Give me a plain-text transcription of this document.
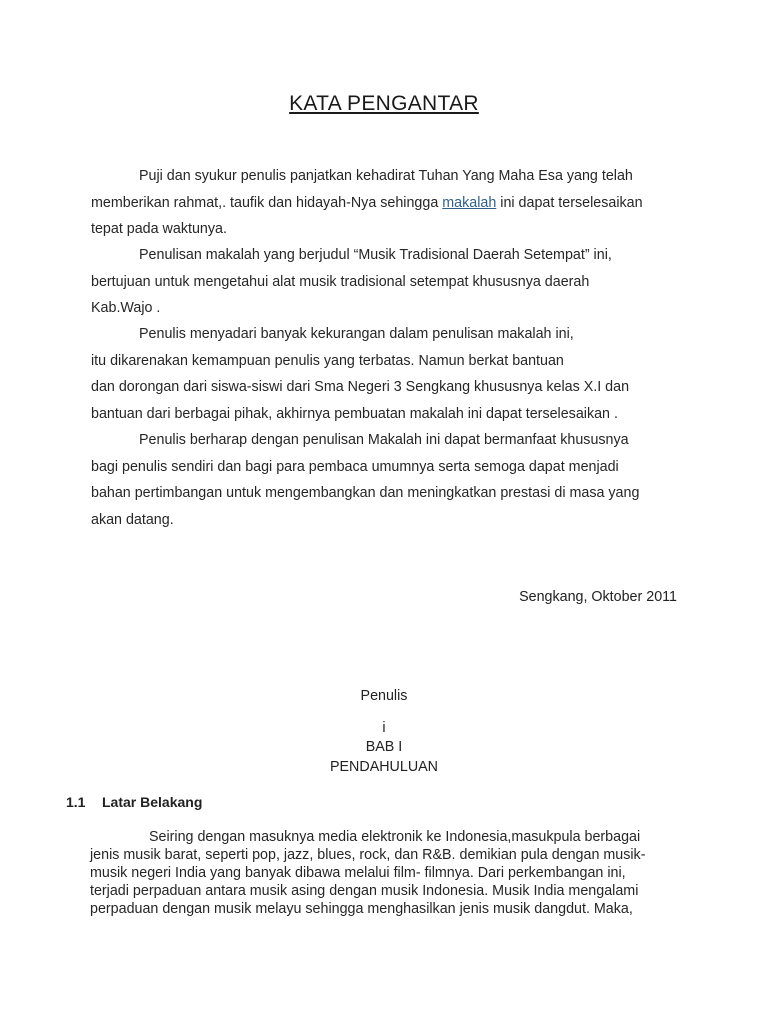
KATA PENGANTAR
Puji dan syukur penulis panjatkan kehadirat Tuhan Yang Maha Esa yang telah
memberikan rahmat,. taufik dan hidayah-Nya sehingga makalah ini dapat terselesaikan
tepat pada waktunya.
Penulisan makalah yang berjudul “Musik Tradisional Daerah Setempat” ini,
bertujuan untuk mengetahui alat musik tradisional setempat khususnya daerah
Kab.Wajo .
Penulis menyadari banyak kekurangan dalam penulisan makalah ini,
itu dikarenakan kemampuan penulis yang terbatas. Namun berkat bantuan
dan dorongan dari siswa-siswi dari Sma Negeri 3 Sengkang khususnya kelas X.I dan
bantuan dari berbagai pihak, akhirnya pembuatan makalah ini dapat terselesaikan .
Penulis berharap dengan penulisan Makalah ini dapat bermanfaat khususnya
bagi penulis sendiri dan bagi para pembaca umumnya serta semoga dapat menjadi
bahan pertimbangan untuk mengembangkan dan meningkatkan prestasi di masa yang
akan datang.
Sengkang, Oktober 2011
Penulis
i
BAB I
PENDAHULUAN
1.1 Latar Belakang
Seiring dengan masuknya media elektronik ke Indonesia,masukpula berbagai
jenis musik barat, seperti pop, jazz, blues, rock, dan R&B. demikian pula dengan musik-
musik negeri India yang banyak dibawa melalui film- filmnya. Dari perkembangan ini,
terjadi perpaduan antara musik asing dengan musik Indonesia. Musik India mengalami
perpaduan dengan musik melayu sehingga menghasilkan jenis musik dangdut. Maka,
